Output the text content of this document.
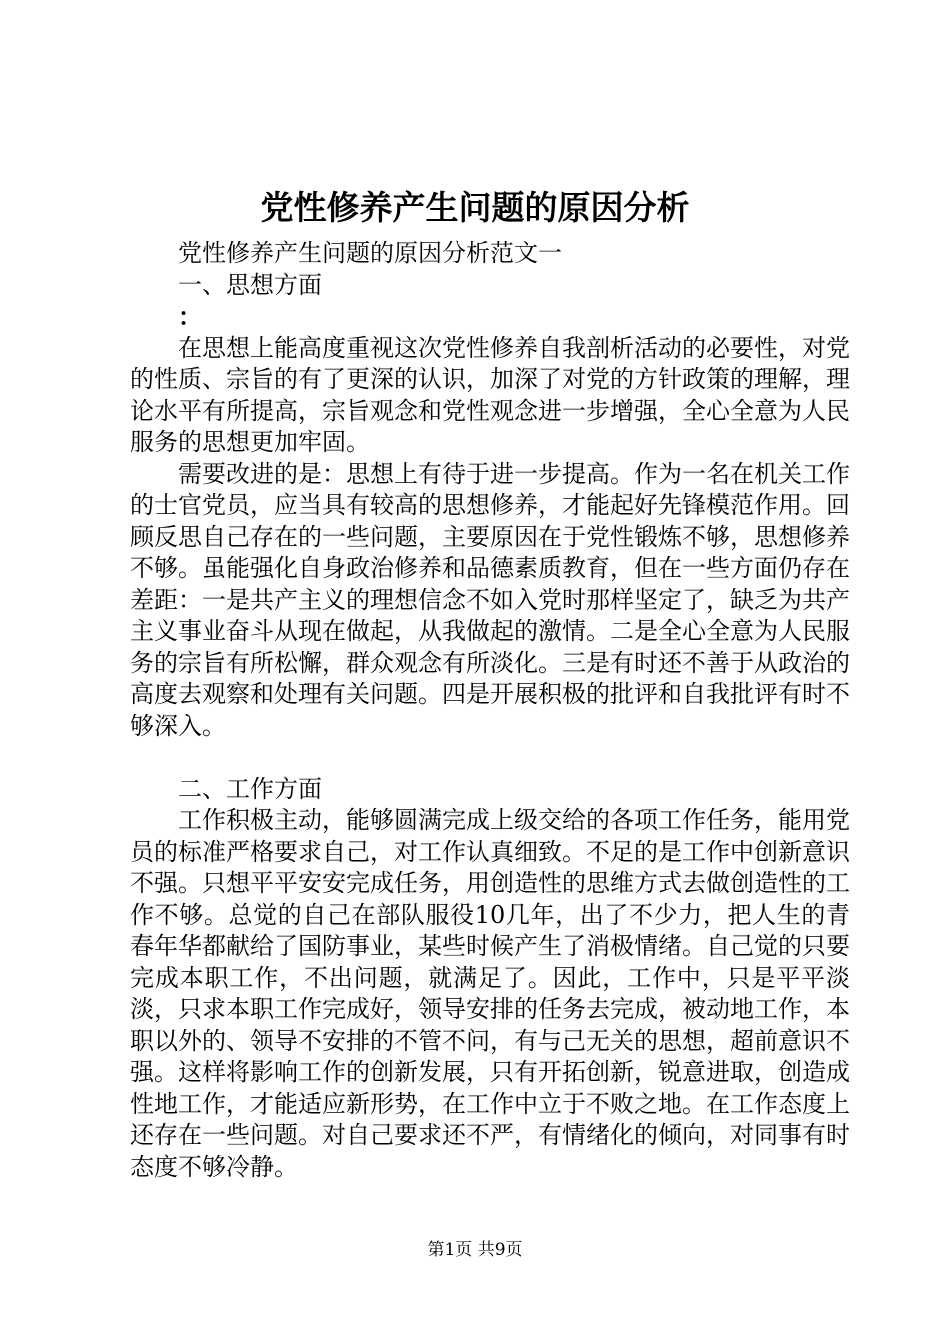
党性修养产生问题的原因分析

党性修养产生问题的原因分析范文一

一、思想方面

：

在思想上能高度重视这次党性修养自我剖析活动的必要性，对党的性质、宗旨的有了更深的认识，加深了对党的方针政策的理解，理论水平有所提高，宗旨观念和党性观念进一步增强，全心全意为人民服务的思想更加牢固。

需要改进的是：思想上有待于进一步提高。作为一名在机关工作的士官党员，应当具有较高的思想修养，才能起好先锋模范作用。回顾反思自己存在的一些问题，主要原因在于党性锻炼不够，思想修养不够。虽能强化自身政治修养和品德素质教育，但在一些方面仍存在差距：一是共产主义的理想信念不如入党时那样坚定了，缺乏为共产主义事业奋斗从现在做起，从我做起的激情。二是全心全意为人民服务的宗旨有所松懈，群众观念有所淡化。三是有时还不善于从政治的高度去观察和处理有关问题。四是开展积极的批评和自我批评有时不够深入。

二、工作方面

工作积极主动，能够圆满完成上级交给的各项工作任务，能用党员的标准严格要求自己，对工作认真细致。不足的是工作中创新意识不强。只想平平安安完成任务，用创造性的思维方式去做创造性的工作不够。总觉的自己在部队服役10几年，出了不少力，把人生的青春年华都献给了国防事业，某些时候产生了消极情绪。自己觉的只要完成本职工作，不出问题，就满足了。因此，工作中，只是平平淡淡，只求本职工作完成好，领导安排的任务去完成，被动地工作，本职以外的、领导不安排的不管不问，有与己无关的思想，超前意识不强。这样将影响工作的创新发展，只有开拓创新，锐意进取，创造成性地工作，才能适应新形势，在工作中立于不败之地。在工作态度上还存在一些问题。对自己要求还不严，有情绪化的倾向，对同事有时态度不够冷静。

第1页 共9页
